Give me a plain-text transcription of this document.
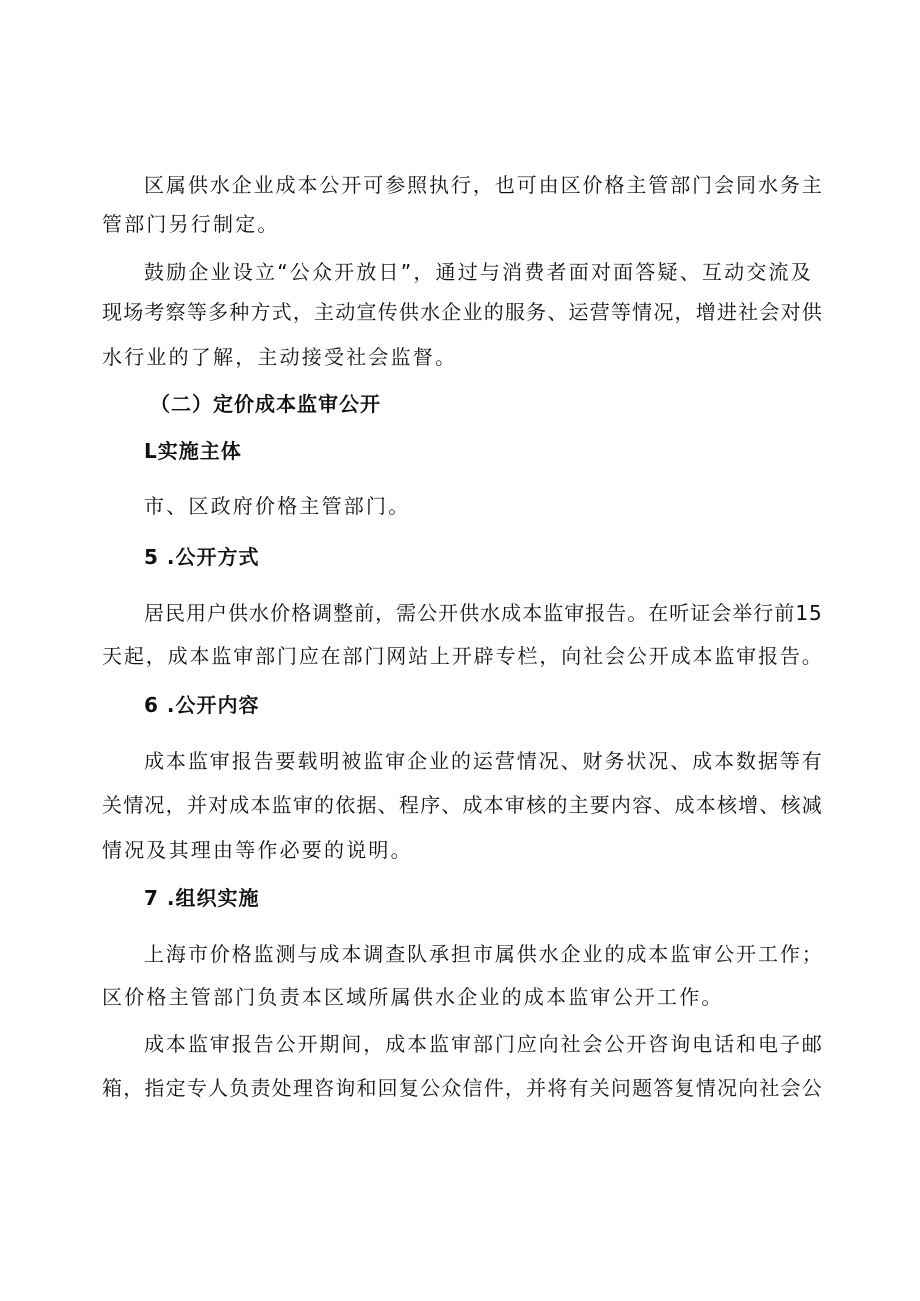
区属供水企业成本公开可参照执行，也可由区价格主管部门会同水务主
管部门另行制定。
鼓励企业设立“公众开放日”，通过与消费者面对面答疑、互动交流及
现场考察等多种方式，主动宣传供水企业的服务、运营等情况，增进社会对供
水行业的了解，主动接受社会监督。
（二）定价成本监审公开
L实施主体
市、区政府价格主管部门。
5 .公开方式
居民用户供水价格调整前，需公开供水成本监审报告。在听证会举行前15
天起，成本监审部门应在部门网站上开辟专栏，向社会公开成本监审报告。
6 .公开内容
成本监审报告要载明被监审企业的运营情况、财务状况、成本数据等有
关情况，并对成本监审的依据、程序、成本审核的主要内容、成本核增、核减
情况及其理由等作必要的说明。
7 .组织实施
上海市价格监测与成本调查队承担市属供水企业的成本监审公开工作；
区价格主管部门负责本区域所属供水企业的成本监审公开工作。
成本监审报告公开期间，成本监审部门应向社会公开咨询电话和电子邮
箱，指定专人负责处理咨询和回复公众信件，并将有关问题答复情况向社会公
